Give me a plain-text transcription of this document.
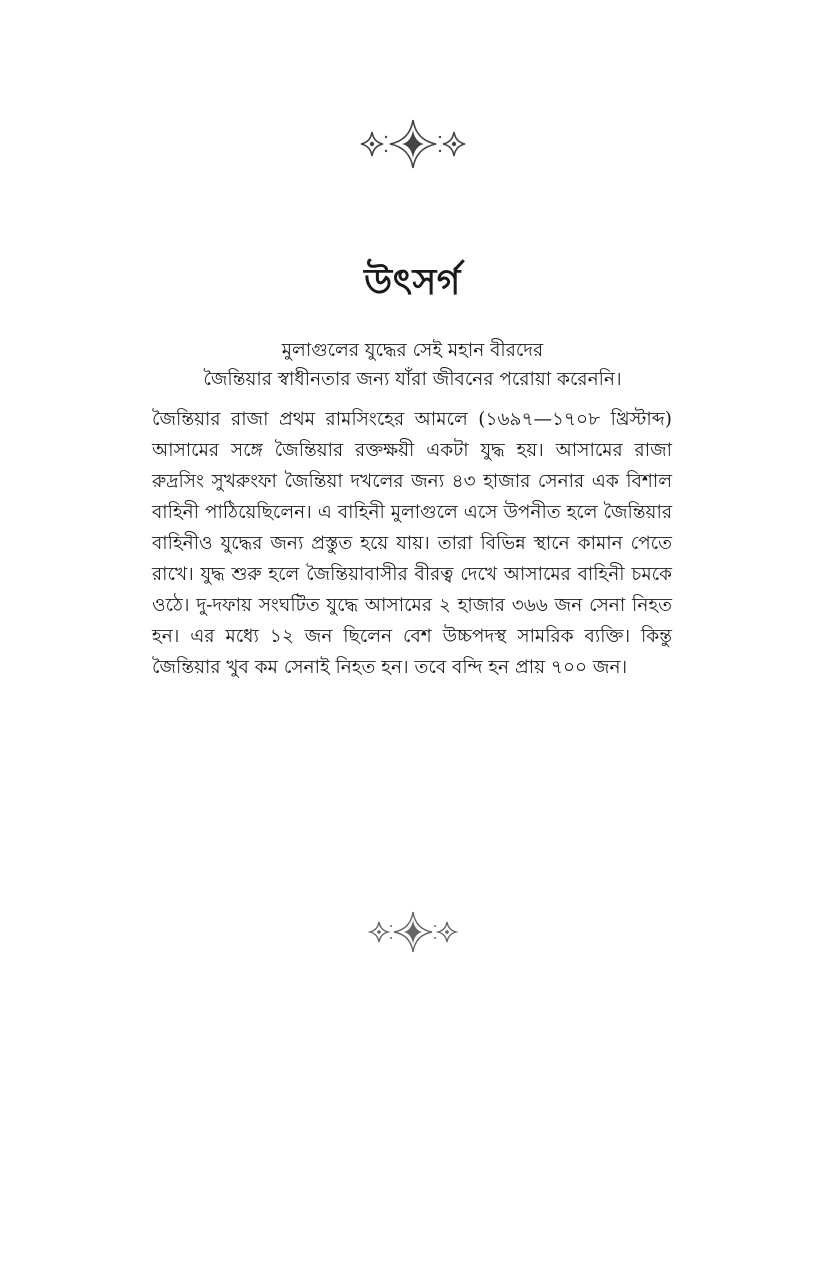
উৎসর্গ
মুলাগুলের যুদ্ধের সেই মহান বীরদের
জৈন্তিয়ার স্বাধীনতার জন্য যাঁরা জীবনের পরোয়া করেননি।

জৈন্তিয়ার রাজা প্রথম রামসিংহের আমলে (১৬৯৭—১৭০৮ খ্রিস্টাব্দ) আসামের সঙ্গে জৈন্তিয়ার রক্তক্ষয়ী একটা যুদ্ধ হয়। আসামের রাজা রুদ্রসিং সুখরুংফা জৈন্তিয়া দখলের জন্য ৪৩ হাজার সেনার এক বিশাল বাহিনী পাঠিয়েছিলেন। এ বাহিনী মুলাগুলে এসে উপনীত হলে জৈন্তিয়ার বাহিনীও যুদ্ধের জন্য প্রস্তুত হয়ে যায়। তারা বিভিন্ন স্থানে কামান পেতে রাখে। যুদ্ধ শুরু হলে জৈন্তিয়াবাসীর বীরত্ব দেখে আসামের বাহিনী চমকে ওঠে। দু-দফায় সংঘটিত যুদ্ধে আসামের ২ হাজার ৩৬৬ জন সেনা নিহত হন। এর মধ্যে ১২ জন ছিলেন বেশ উচ্চপদস্থ সামরিক ব্যক্তি। কিন্তু জৈন্তিয়ার খুব কম সেনাই নিহত হন। তবে বন্দি হন প্রায় ৭০০ জন।
